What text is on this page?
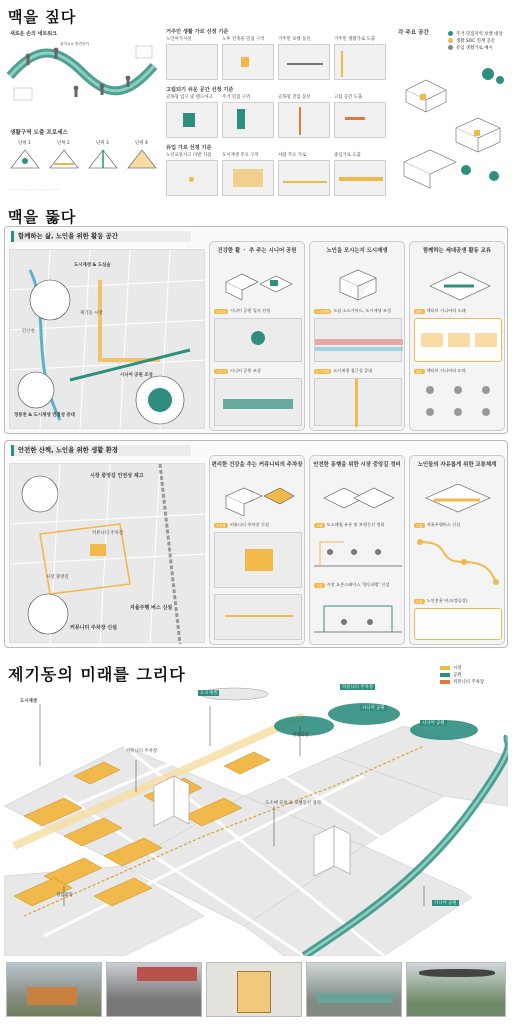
맥을 짚다
새로운 손의 네트워크
취약요소 발견하기
생활구역 도출 프로세스
단위 1	단위 2	단위 3	단위 4
· · · · · · · · · · · · · · · · · · · · · ·
거주민 생활 가로 선정 기준
노인여가시설	노후 건축물 밀집 구역	거주민 보행 동선	거주민 생활가로 도출
고립되기 쉬운 공간 선정 기준
골목형 입구 및 랜드마크 주거 밀집 구역	골목형 진입 동선	고립 공간 도출
유입 가로 선정 기준
노인교통사고 다발 지점 도시재생 주요 구역	사람 주요 가로	중심가로 도출
각 주요 공간	주거 밀집지역 보행 대상
생활 SOC 연계 공간
유입 생활가로 예시
맥을 뚫다
함께하는 삶, 노인을 위한 활동 공간
도시재생 & 도심숲
안산천
제기동 시장
시니어 공원 조성
정릉천 & 도시재생 연결성 증대
건강한 활 ㆍ 추 주는 시니어 공원
시니어 시니어 공원 입지 선정
시니어 시니어 공원 조성
노인을 모시는지 도시재생
도시재생 도심 소도가이드, 도시재생 조성
도시재생 도시재생 접근성 증대
함께하는 세대공생 활동 교류
활동 액티브 시니어의 도래
활동 액티브 시니어의 도약
안전한 산책, 노인을 위한 생활 환경
시장 중앙길 안전성 제고
커뮤니티 주차장
시장 중앙길
자율주행 버스 신설
커뮤니티 주차장 신설
편리한 건강을 추는 커뮤니티의 주차장
주차장 커뮤니티 주차장 신설
안전한 동행을 위한 시장 중앙길 정비
시장 도소매업 유통 및 보행동선 정리
시장 시장 요존스페이스 '경동회랑' 신설
노인들의 자유롭게 위한 교통체계
교통 자율주행버스 신설
교통 노인전용 버스(정류장)
제기동의 미래를 그리다	시설
공원
커뮤니티 주차장
도시재생
커뮤니티 주차장
도시재생
시니어 공원
시니어 공원
커뮤니티 주차장
경동회랑
도소매 유통 & 보행동선 정리
시니어 공원
경동회랑
